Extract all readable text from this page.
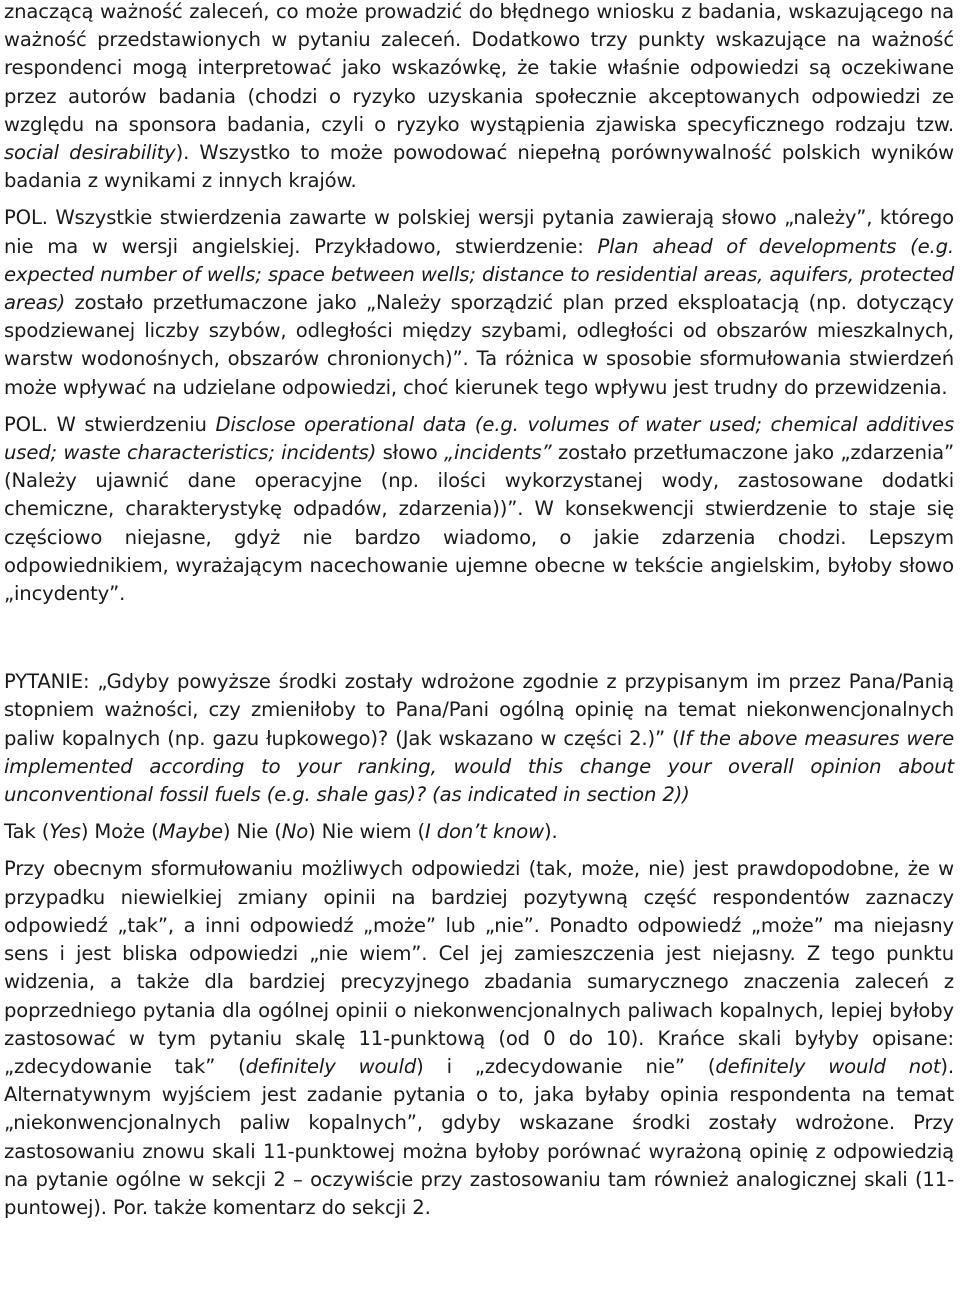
znaczącą ważność zaleceń, co może prowadzić do błędnego wniosku z badania, wskazującego na ważność przedstawionych w pytaniu zaleceń. Dodatkowo trzy punkty wskazujące na ważność respondenci mogą interpretować jako wskazówkę, że takie właśnie odpowiedzi są oczekiwane przez autorów badania (chodzi o ryzyko uzyskania społecznie akceptowanych odpowiedzi ze względu na sponsora badania, czyli o ryzyko wystąpienia zjawiska specyficznego rodzaju tzw. social desirability). Wszystko to może powodować niepełną porównywalność polskich wyników badania z wynikami z innych krajów.

POL. Wszystkie stwierdzenia zawarte w polskiej wersji pytania zawierają słowo „należy”, którego nie ma w wersji angielskiej. Przykładowo, stwierdzenie: Plan ahead of developments (e.g. expected number of wells; space between wells; distance to residential areas, aquifers, protected areas) zostało przetłumaczone jako „Należy sporządzić plan przed eksploatacją (np. dotyczący spodziewanej liczby szybów, odległości między szybami, odległości od obszarów mieszkalnych, warstw wodonośnych, obszarów chronionych)”. Ta różnica w sposobie sformułowania stwierdzeń może wpływać na udzielane odpowiedzi, choć kierunek tego wpływu jest trudny do przewidzenia.

POL. W stwierdzeniu Disclose operational data (e.g. volumes of water used; chemical additives used; waste characteristics; incidents) słowo „incidents” zostało przetłumaczone jako „zdarzenia” (Należy ujawnić dane operacyjne (np. ilości wykorzystanej wody, zastosowane dodatki chemiczne, charakterystykę odpadów, zdarzenia))”. W konsekwencji stwierdzenie to staje się częściowo niejasne, gdyż nie bardzo wiadomo, o jakie zdarzenia chodzi. Lepszym odpowiednikiem, wyrażającym nacechowanie ujemne obecne w tekście angielskim, byłoby słowo „incydenty”.

PYTANIE: „Gdyby powyższe środki zostały wdrożone zgodnie z przypisanym im przez Pana/Panią stopniem ważności, czy zmieniłoby to Pana/Pani ogólną opinię na temat niekonwencjonalnych paliw kopalnych (np. gazu łupkowego)? (Jak wskazano w części 2.)” (If the above measures were implemented according to your ranking, would this change your overall opinion about unconventional fossil fuels (e.g. shale gas)? (as indicated in section 2))

Tak (Yes) Może (Maybe) Nie (No) Nie wiem (I don’t know).

Przy obecnym sformułowaniu możliwych odpowiedzi (tak, może, nie) jest prawdopodobne, że w przypadku niewielkiej zmiany opinii na bardziej pozytywną część respondentów zaznaczy odpowiedź „tak”, a inni odpowiedź „może” lub „nie”. Ponadto odpowiedź „może” ma niejasny sens i jest bliska odpowiedzi „nie wiem”. Cel jej zamieszczenia jest niejasny. Z tego punktu widzenia, a także dla bardziej precyzyjnego zbadania sumarycznego znaczenia zaleceń z poprzedniego pytania dla ogólnej opinii o niekonwencjonalnych paliwach kopalnych, lepiej byłoby zastosować w tym pytaniu skalę 11-punktową (od 0 do 10). Krańce skali byłyby opisane: „zdecydowanie tak” (definitely would) i „zdecydowanie nie” (definitely would not). Alternatywnym wyjściem jest zadanie pytania o to, jaka byłaby opinia respondenta na temat „niekonwencjonalnych paliw kopalnych”, gdyby wskazane środki zostały wdrożone. Przy zastosowaniu znowu skali 11-punktowej można byłoby porównać wyrażoną opinię z odpowiedzią na pytanie ogólne w sekcji 2 – oczywiście przy zastosowaniu tam również analogicznej skali (11-puntowej). Por. także komentarz do sekcji 2.
